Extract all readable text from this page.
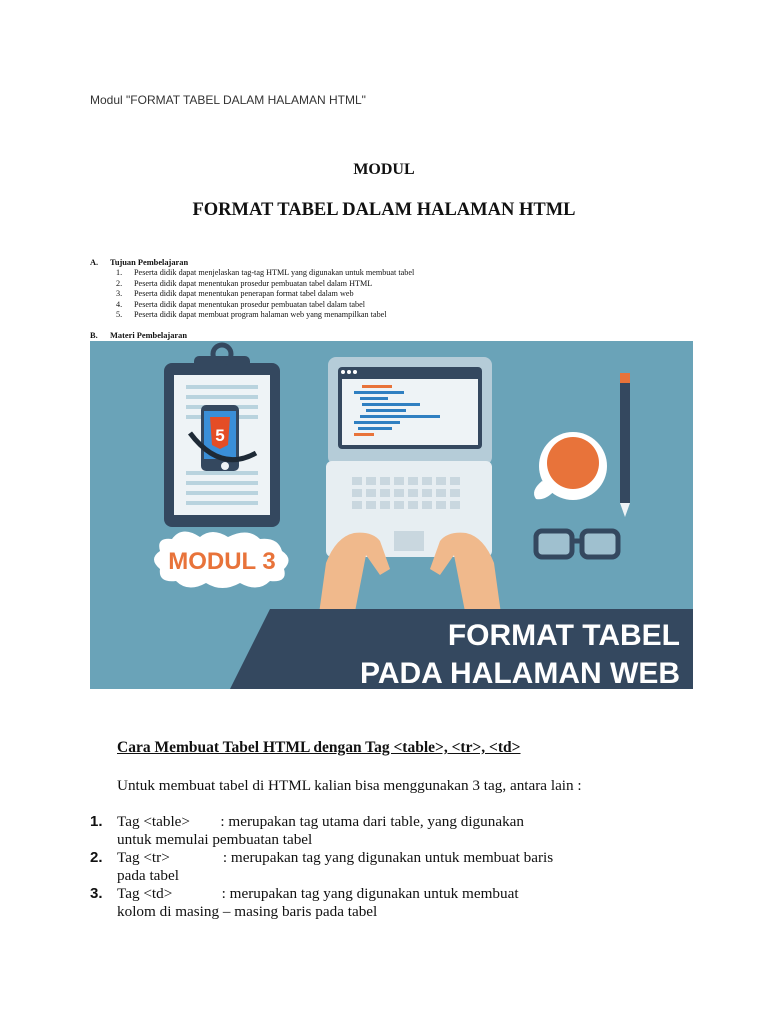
Modul "FORMAT TABEL DALAM HALAMAN HTML"
MODUL
FORMAT TABEL DALAM HALAMAN HTML
A. Tujuan Pembelajaran
1. Peserta didik dapat menjelaskan tag-tag HTML yang digunakan untuk membuat tabel
2. Peserta didik dapat menentukan prosedur pembuatan tabel dalam HTML
3. Peserta didik dapat menentukan penerapan format tabel dalam web
4. Peserta didik dapat menentukan prosedur pembuatan tabel dalam tabel
5. Peserta didik dapat membuat program halaman web yang menampilkan tabel
B. Materi Pembelajaran
5
MODUL 3
FORMAT TABEL
PADA HALAMAN WEB
Cara Membuat Tabel HTML dengan Tag <table>, <tr>, <td>
Untuk membuat tabel di HTML kalian bisa menggunakan 3 tag, antara lain :
1. Tag <table>        : merupakan tag utama dari table, yang digunakan
untuk memulai pembuatan tabel
2. Tag <tr>              : merupakan tag yang digunakan untuk membuat baris
pada tabel
3. Tag <td>             : merupakan tag yang digunakan untuk membuat
kolom di masing – masing baris pada tabel
